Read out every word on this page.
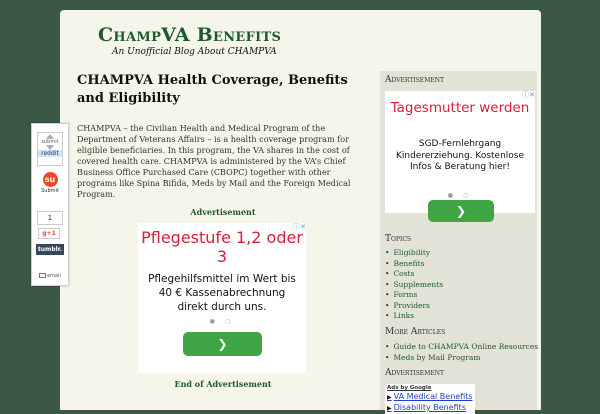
ChampVA Benefits
An Unofficial Blog About CHAMPVA
CHAMPVA Health Coverage, Benefits and Eligibility

CHAMPVA – the Civilian Health and Medical Program of the Department of Veterans Affairs – is a health coverage program for eligible beneficiaries. In this program, the VA shares in the cost of covered health care. CHAMPVA is administered by the VA’s Chief Business Office Purchased Care (CBOPC) together with other programs like Spina Bifida, Meds by Mail and the Foreign Medical Program.

Advertisement
ⓘ✕
Pflegestufe 1,2 oder 3
Pflegehilfsmittel im Wert bis 40 € Kassenabrechnung direkt durch uns.
● ○
❯
End of Advertisement
Advertisement
ⓘ✕
Tagesmutter werden
SGD-Fernlehrgang Kindererziehung. Kostenlose Infos & Beratung hier!
● ○
❯
Topics
• Eligibility
• Benefits
• Costs
• Supplements
• Forms
• Providers
• Links
More Articles
• Guide to CHAMPVA Online Resources
• Meds by Mail Program
Advertisement
Ads by Google
▶ VA Medical Benefits
▶ Disability Benefits
submit
reddit
su
Submit
1
g+1
tumblr.
email
